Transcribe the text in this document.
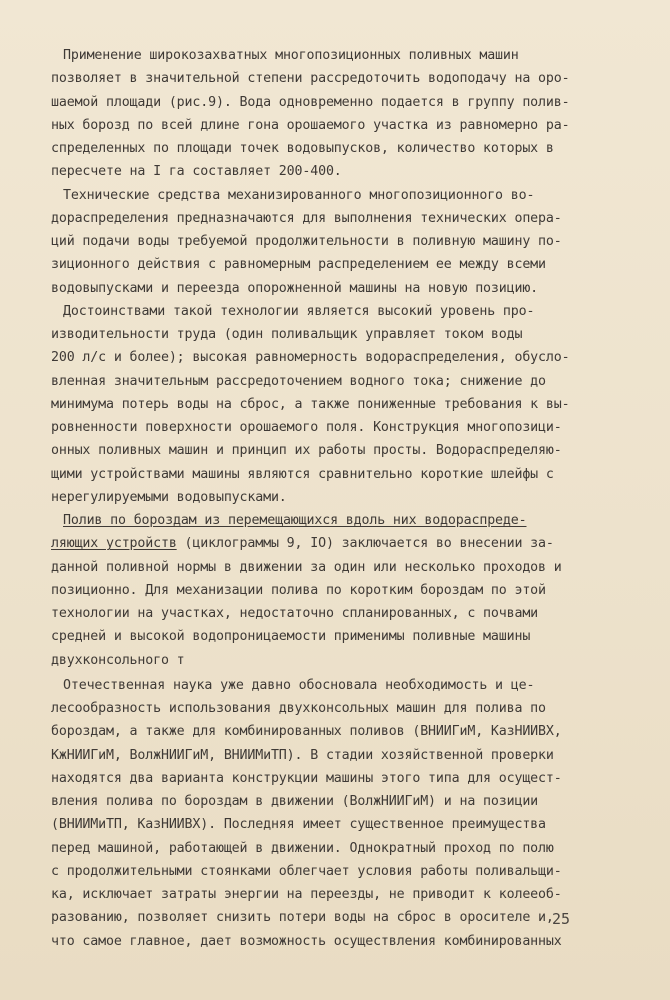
Применение широкозахватных многопозиционных поливных машин
позволяет в значительной степени рассредоточить водоподачу на оро-
шаемой площади (рис.9). Вода одновременно подается в группу полив-
ных борозд по всей длине гона орошаемого участка из равномерно ра-
спределенных по площади точек водовыпусков, количество которых в
пересчете на I га составляет 200-400.
Технические средства механизированного многопозиционного во-
дораспределения предназначаются для выполнения технических опера-
ций подачи воды требуемой продолжительности в поливную машину по-
зиционного действия с равномерным распределением ее между всеми
водовыпусками и переезда опорожненной машины на новую позицию.
Достоинствами такой технологии является высокий уровень про-
изводительности труда (один поливальщик управляет током воды
200 л/с и более); высокая равномерность водораспределения, обусло-
вленная значительным рассредоточением водного тока; снижение до
минимума потерь воды на сброс, а также пониженные требования к вы-
ровненности поверхности орошаемого поля. Конструкция многопозици-
онных поливных машин и принцип их работы просты. Водораспределяю-
щими устройствами машины являются сравнительно короткие шлейфы с
нерегулируемыми водовыпусками.
Полив по бороздам из перемещающихся вдоль них водораспреде-
ляющих устройств (циклограммы 9, IO) заключается во внесении за-
данной поливной нормы в движении за один или несколько проходов и
позиционно. Для механизации полива по коротким бороздам по этой
технологии на участках, недостаточно спланированных, с почвами
средней и высокой водопроницаемости применимы поливные машины
двухконсольного т
Отечественная наука уже давно обосновала необходимость и це-
лесообразность использования двухконсольных машин для полива по
бороздам, а также для комбинированных поливов (ВНИИГиМ, КазНИИВХ,
КжНИИГиМ, ВолжНИИГиМ, ВНИИМиТП). В стадии хозяйственной проверки
находятся два варианта конструкции машины этого типа для осущест-
вления полива по бороздам в движении (ВолжНИИГиМ) и на позиции
(ВНИИМиТП, КазНИИВХ). Последняя имеет существенное преимущества
перед машиной, работающей в движении. Однократный проход по полю
с продолжительными стоянками облегчает условия работы поливальщи-
ка, исключает затраты энергии на переезды, не приводит к колееоб-
разованию, позволяет снизить потери воды на сброс в оросителе и,
что самое главное, дает возможность осуществления комбинированных
25
